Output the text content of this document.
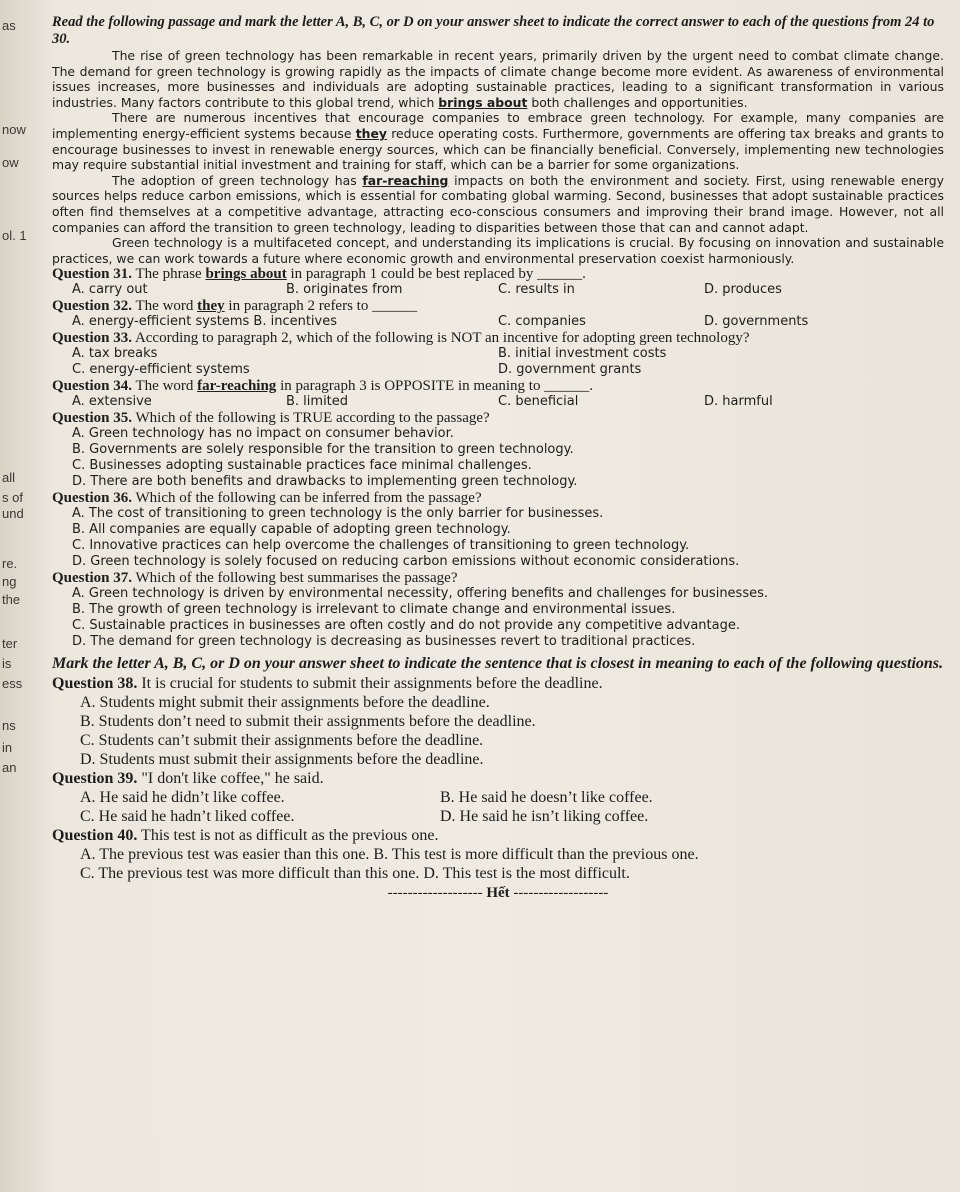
as
now
ow
ol. 1
all
s of
und
re.
ng
the
ter
is
ess
ns
in
an

Read the following passage and mark the letter A, B, C, or D on your answer sheet to indicate the correct answer to each of the questions from 24 to 30.

The rise of green technology has been remarkable in recent years, primarily driven by the urgent need to combat climate change. The demand for green technology is growing rapidly as the impacts of climate change become more evident. As awareness of environmental issues increases, more businesses and individuals are adopting sustainable practices, leading to a significant transformation in various industries. Many factors contribute to this global trend, which brings about both challenges and opportunities.

There are numerous incentives that encourage companies to embrace green technology. For example, many companies are implementing energy-efficient systems because they reduce operating costs. Furthermore, governments are offering tax breaks and grants to encourage businesses to invest in renewable energy sources, which can be financially beneficial. Conversely, implementing new technologies may require substantial initial investment and training for staff, which can be a barrier for some organizations.

The adoption of green technology has far-reaching impacts on both the environment and society. First, using renewable energy sources helps reduce carbon emissions, which is essential for combating global warming. Second, businesses that adopt sustainable practices often find themselves at a competitive advantage, attracting eco-conscious consumers and improving their brand image. However, not all companies can afford the transition to green technology, leading to disparities between those that can and cannot adapt.

Green technology is a multifaceted concept, and understanding its implications is crucial. By focusing on innovation and sustainable practices, we can work towards a future where economic growth and environmental preservation coexist harmoniously.

Question 31. The phrase brings about in paragraph 1 could be best replaced by ______.

A. carry out	B. originates from	C. results in	D. produces

Question 32. The word they in paragraph 2 refers to ______

A. energy-efficient systems B. incentives	C. companies	D. governments

Question 33. According to paragraph 2, which of the following is NOT an incentive for adopting green technology?

A. tax breaks	B. initial investment costs
C. energy-efficient systems	D. government grants

Question 34. The word far-reaching in paragraph 3 is OPPOSITE in meaning to ______.

A. extensive	B. limited	C. beneficial	D. harmful

Question 35. Which of the following is TRUE according to the passage?

A. Green technology has no impact on consumer behavior.

B. Governments are solely responsible for the transition to green technology.

C. Businesses adopting sustainable practices face minimal challenges.

D. There are both benefits and drawbacks to implementing green technology.

Question 36. Which of the following can be inferred from the passage?

A. The cost of transitioning to green technology is the only barrier for businesses.

B. All companies are equally capable of adopting green technology.

C. Innovative practices can help overcome the challenges of transitioning to green technology.

D. Green technology is solely focused on reducing carbon emissions without economic considerations.

Question 37. Which of the following best summarises the passage?

A. Green technology is driven by environmental necessity, offering benefits and challenges for businesses.

B. The growth of green technology is irrelevant to climate change and environmental issues.

C. Sustainable practices in businesses are often costly and do not provide any competitive advantage.

D. The demand for green technology is decreasing as businesses revert to traditional practices.

Mark the letter A, B, C, or D on your answer sheet to indicate the sentence that is closest in meaning to each of the following questions.

Question 38. It is crucial for students to submit their assignments before the deadline.

A. Students might submit their assignments before the deadline.

B. Students don’t need to submit their assignments before the deadline.

C. Students can’t submit their assignments before the deadline.

D. Students must submit their assignments before the deadline.

Question 39. "I don't like coffee," he said.

A. He said he didn’t like coffee.	B. He said he doesn’t like coffee.
C. He said he hadn’t liked coffee.	D. He said he isn’t liking coffee.

Question 40. This test is not as difficult as the previous one.

A. The previous test was easier than this one. B. This test is more difficult than the previous one.

C. The previous test was more difficult than this one. D. This test is the most difficult.

------------------- Hết -------------------
